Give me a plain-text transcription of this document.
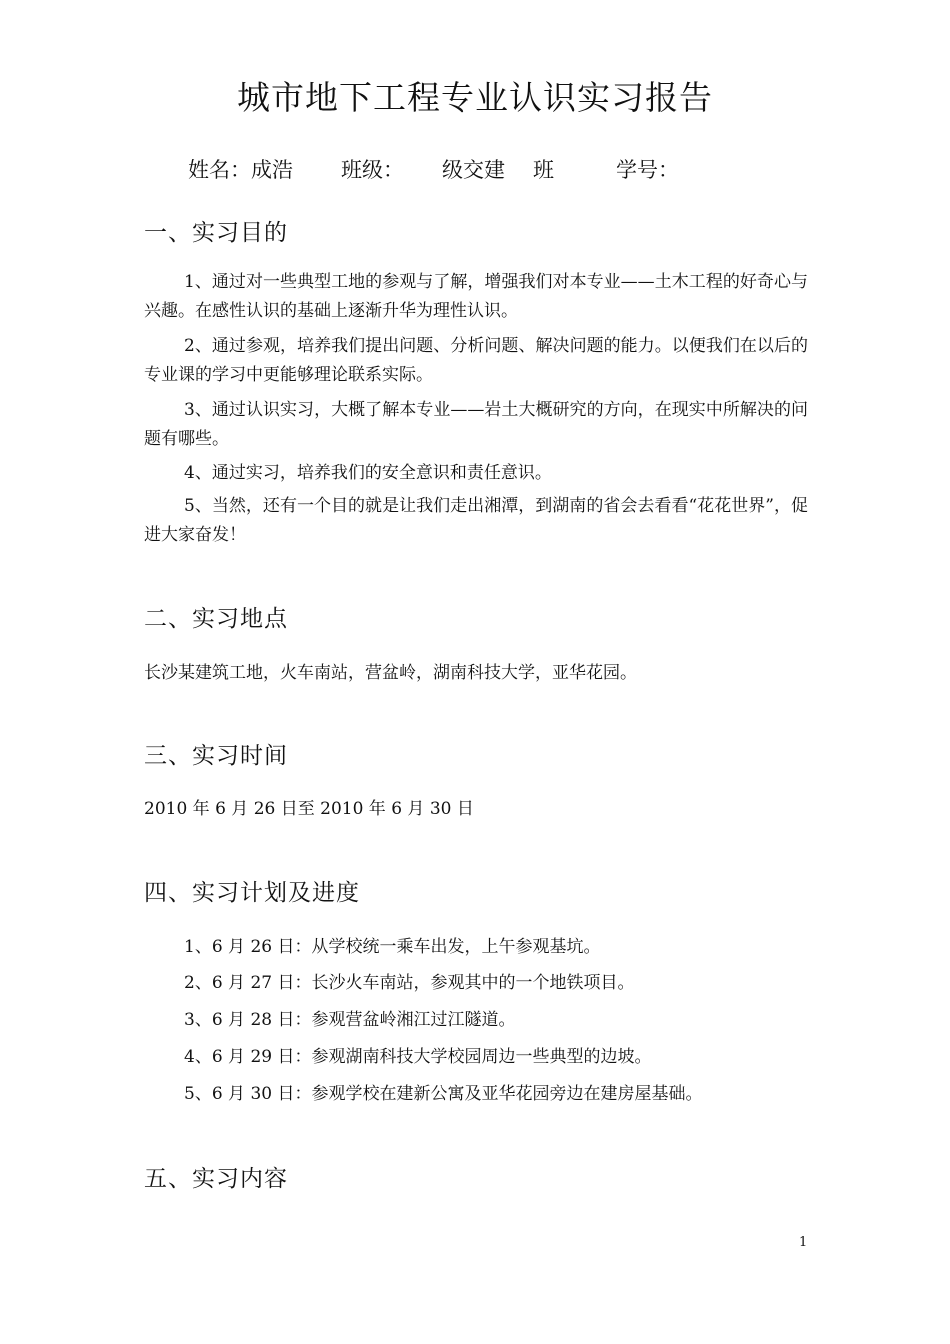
城市地下工程专业认识实习报告
姓名：成浩 班级： 级交建 班	学号：
一、实习目的
1、通过对一些典型工地的参观与了解，增强我们对本专业——土木工程的好奇心与兴趣。在感性认识的基础上逐渐升华为理性认识。
2、通过参观，培养我们提出问题、分析问题、解决问题的能力。以便我们在以后的专业课的学习中更能够理论联系实际。
3、通过认识实习，大概了解本专业——岩土大概研究的方向，在现实中所解决的问题有哪些。
4、通过实习，培养我们的安全意识和责任意识。
5、当然，还有一个目的就是让我们走出湘潭，到湖南的省会去看看“花花世界”，促进大家奋发！
二、实习地点
长沙某建筑工地，火车南站，营盆岭，湖南科技大学，亚华花园。
三、实习时间
2010 年 6 月 26 日至 2010 年 6 月 30 日
四、实习计划及进度
1、6 月 26 日：从学校统一乘车出发，上午参观基坑。
2、6 月 27 日：长沙火车南站，参观其中的一个地铁项目。
3、6 月 28 日：参观营盆岭湘江过江隧道。
4、6 月 29 日：参观湖南科技大学校园周边一些典型的边坡。
5、6 月 30 日：参观学校在建新公寓及亚华花园旁边在建房屋基础。
五、实习内容
1
